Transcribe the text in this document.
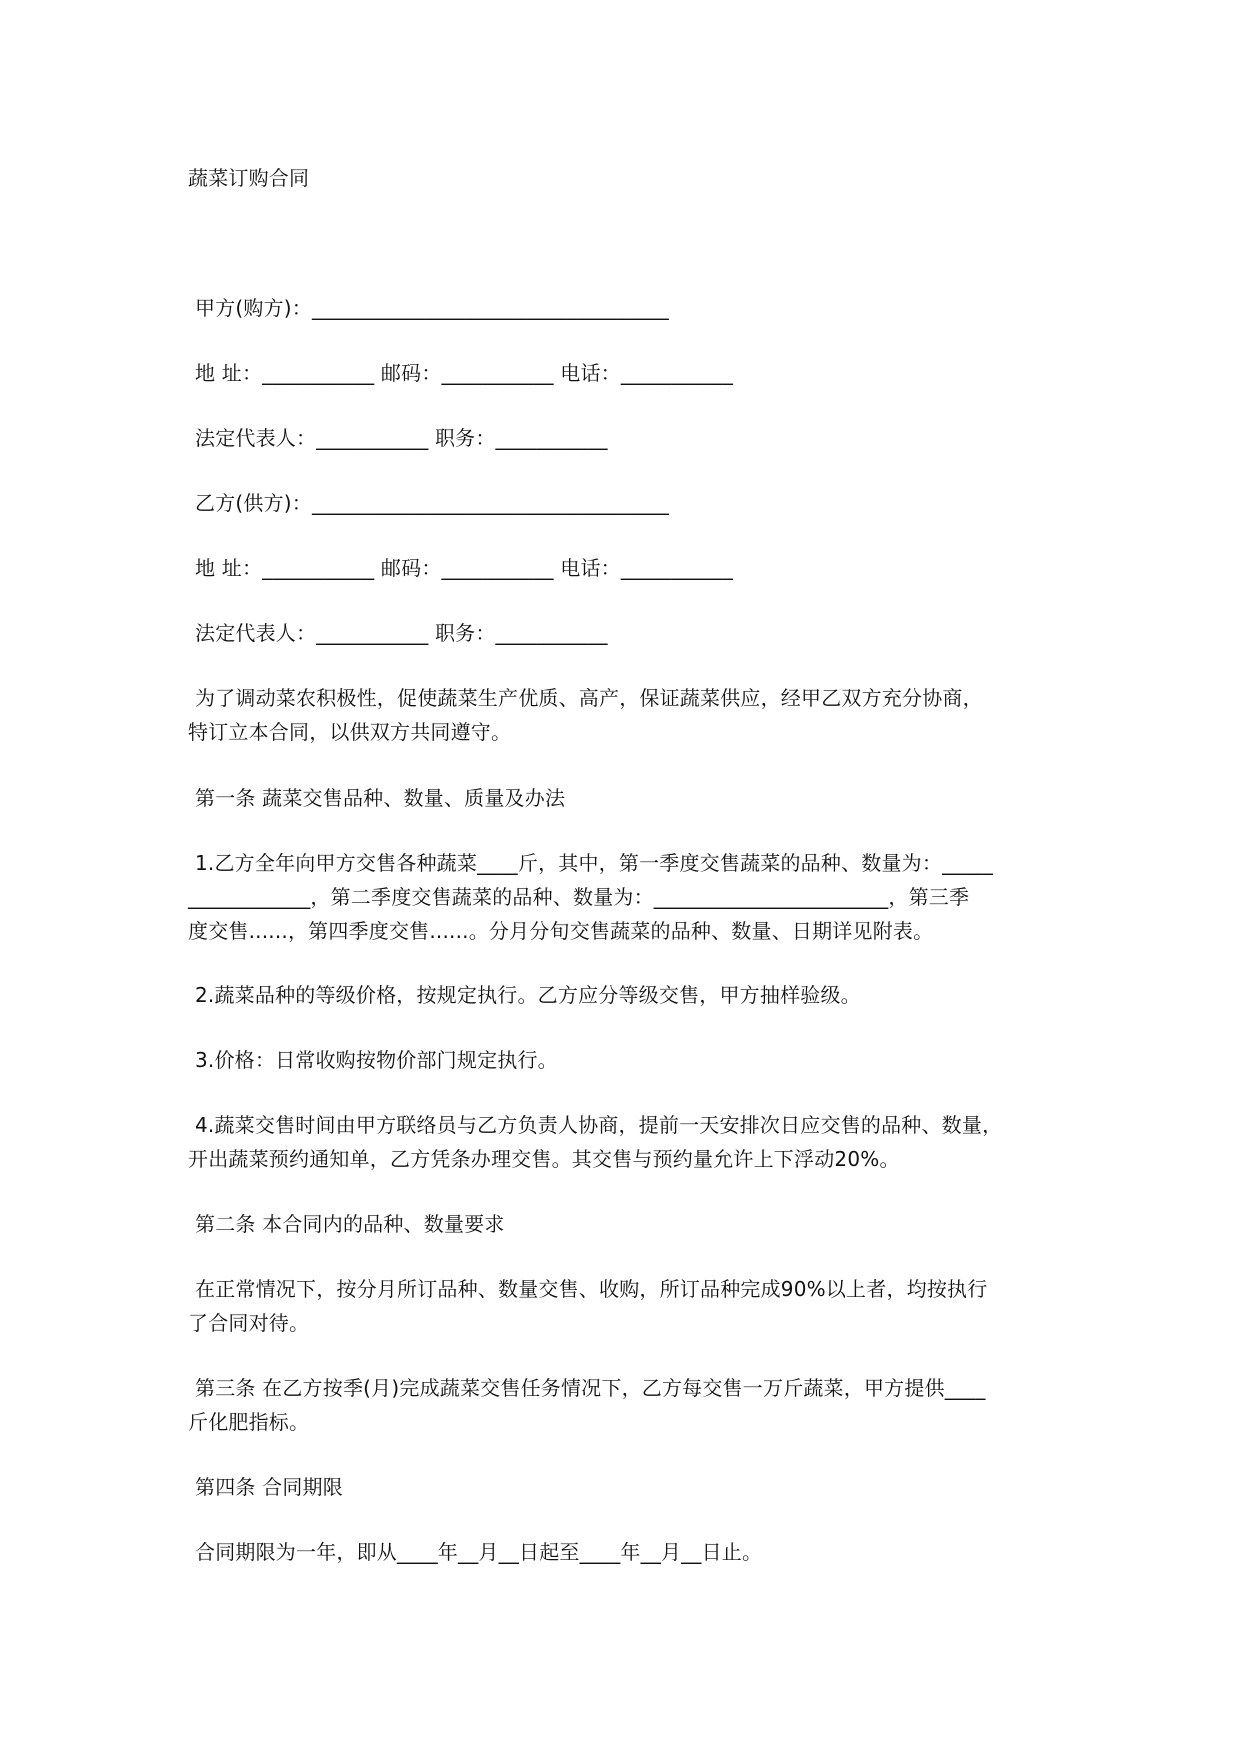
蔬菜订购合同
甲方(购方)：___________________________________
地 址：___________ 邮码：___________ 电话：___________
法定代表人：___________ 职务：___________
乙方(供方)：___________________________________
地 址：___________ 邮码：___________ 电话：___________
法定代表人：___________ 职务：___________
为了调动菜农积极性，促使蔬菜生产优质、高产，保证蔬菜供应，经甲乙双方充分协商，
特订立本合同，以供双方共同遵守。
第一条 蔬菜交售品种、数量、质量及办法
1.乙方全年向甲方交售各种蔬菜____斤，其中，第一季度交售蔬菜的品种、数量为：_____
____________，第二季度交售蔬菜的品种、数量为：_______________________，第三季
度交售......，第四季度交售......。分月分旬交售蔬菜的品种、数量、日期详见附表。
2.蔬菜品种的等级价格，按规定执行。乙方应分等级交售，甲方抽样验级。
3.价格：日常收购按物价部门规定执行。
4.蔬菜交售时间由甲方联络员与乙方负责人协商，提前一天安排次日应交售的品种、数量，
开出蔬菜预约通知单，乙方凭条办理交售。其交售与预约量允许上下浮动20%。
第二条 本合同内的品种、数量要求
在正常情况下，按分月所订品种、数量交售、收购，所订品种完成90%以上者，均按执行
了合同对待。
第三条 在乙方按季(月)完成蔬菜交售任务情况下，乙方每交售一万斤蔬菜，甲方提供____
斤化肥指标。
第四条 合同期限
合同期限为一年，即从____年__月__日起至____年__月__日止。
